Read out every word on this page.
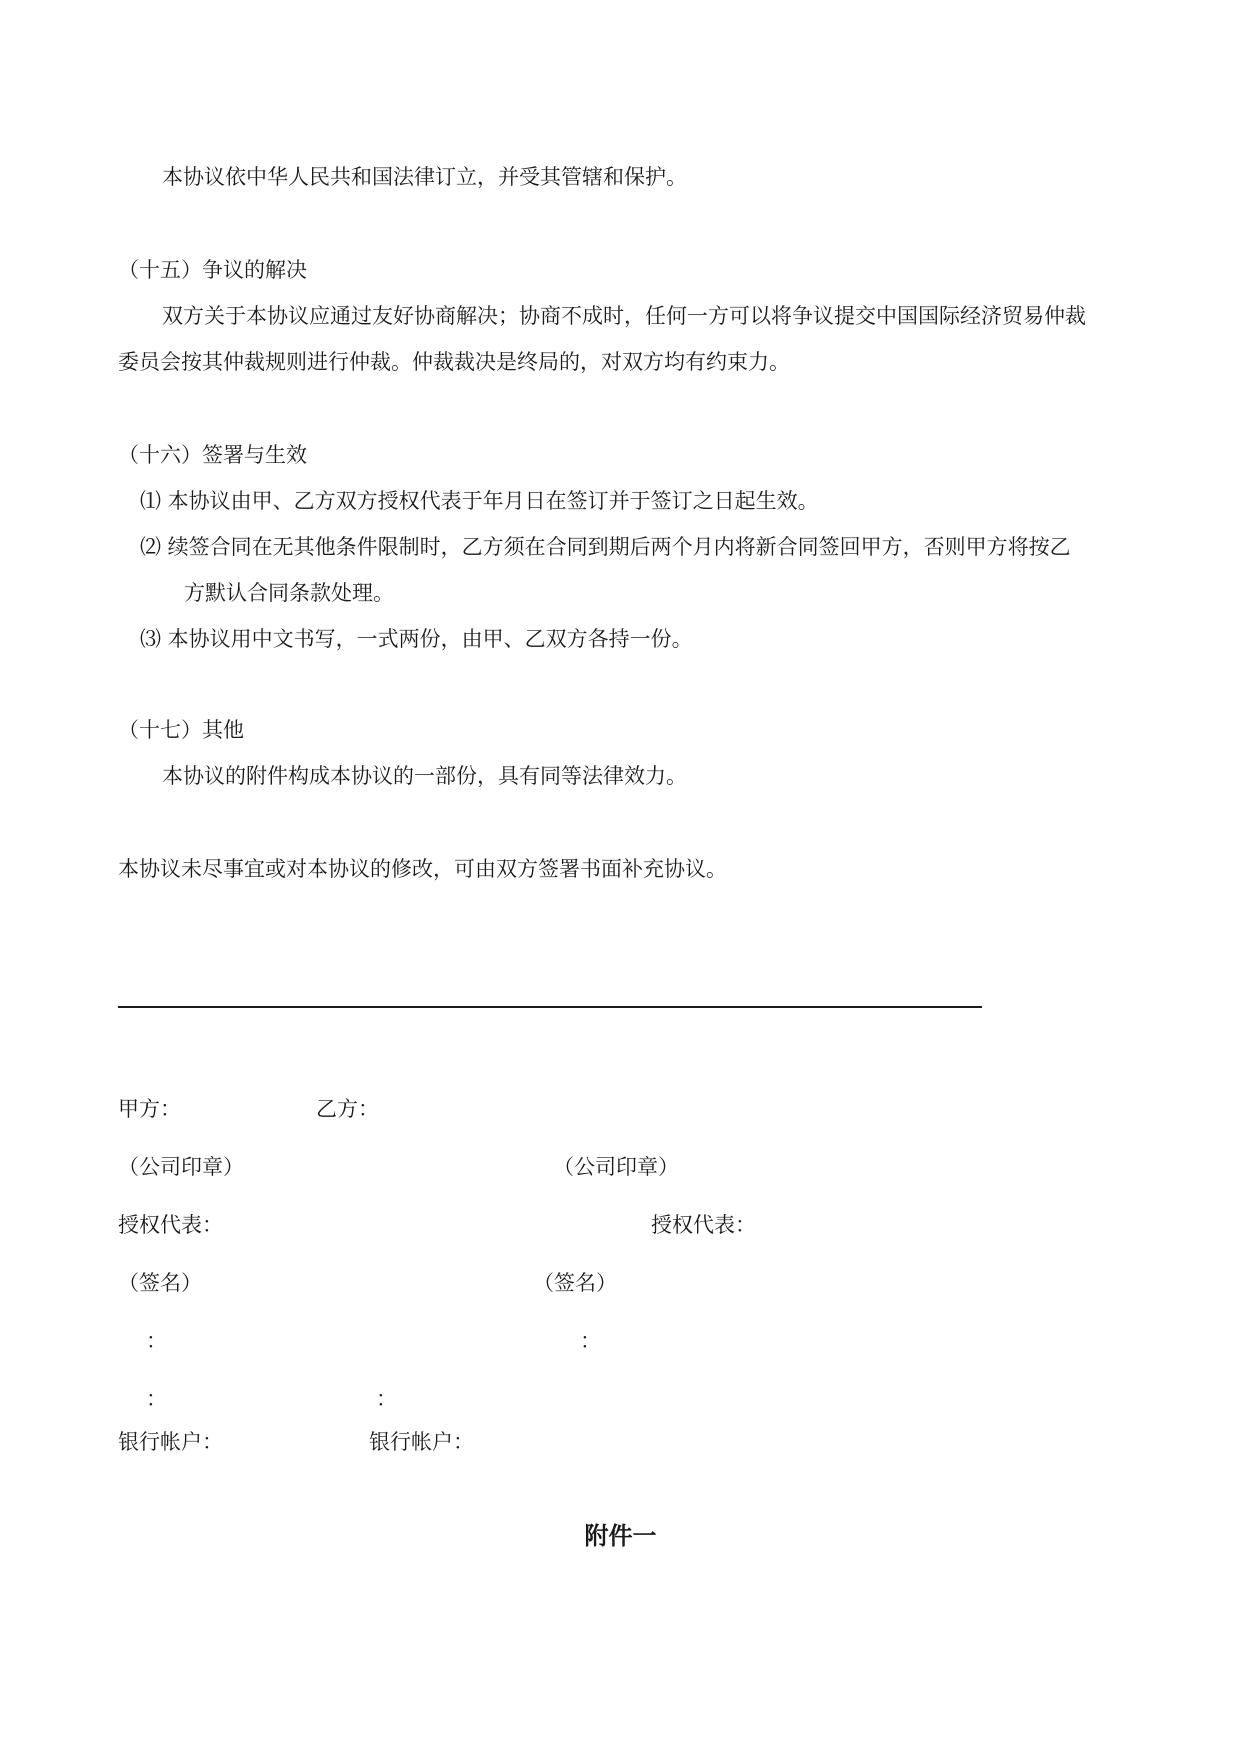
本协议依中华人民共和国法律订立，并受其管辖和保护。
（十五）争议的解决
双方关于本协议应通过友好协商解决；协商不成时，任何一方可以将争议提交中国国际经济贸易仲裁
委员会按其仲裁规则进行仲裁。仲裁裁决是终局的，对双方均有约束力。
（十六）签署与生效
⑴ 本协议由甲、乙方双方授权代表于年月日在签订并于签订之日起生效。
⑵ 续签合同在无其他条件限制时，乙方须在合同到期后两个月内将新合同签回甲方，否则甲方将按乙
方默认合同条款处理。
⑶ 本协议用中文书写，一式两份，由甲、乙双方各持一份。
（十七）其他
本协议的附件构成本协议的一部份，具有同等法律效力。
本协议未尽事宜或对本协议的修改，可由双方签署书面补充协议。
甲方：	乙方：
（公司印章）	（公司印章）
授权代表：	授权代表：
（签名）	（签名）
：	：
：	：
银行帐户：	银行帐户：
附件一
